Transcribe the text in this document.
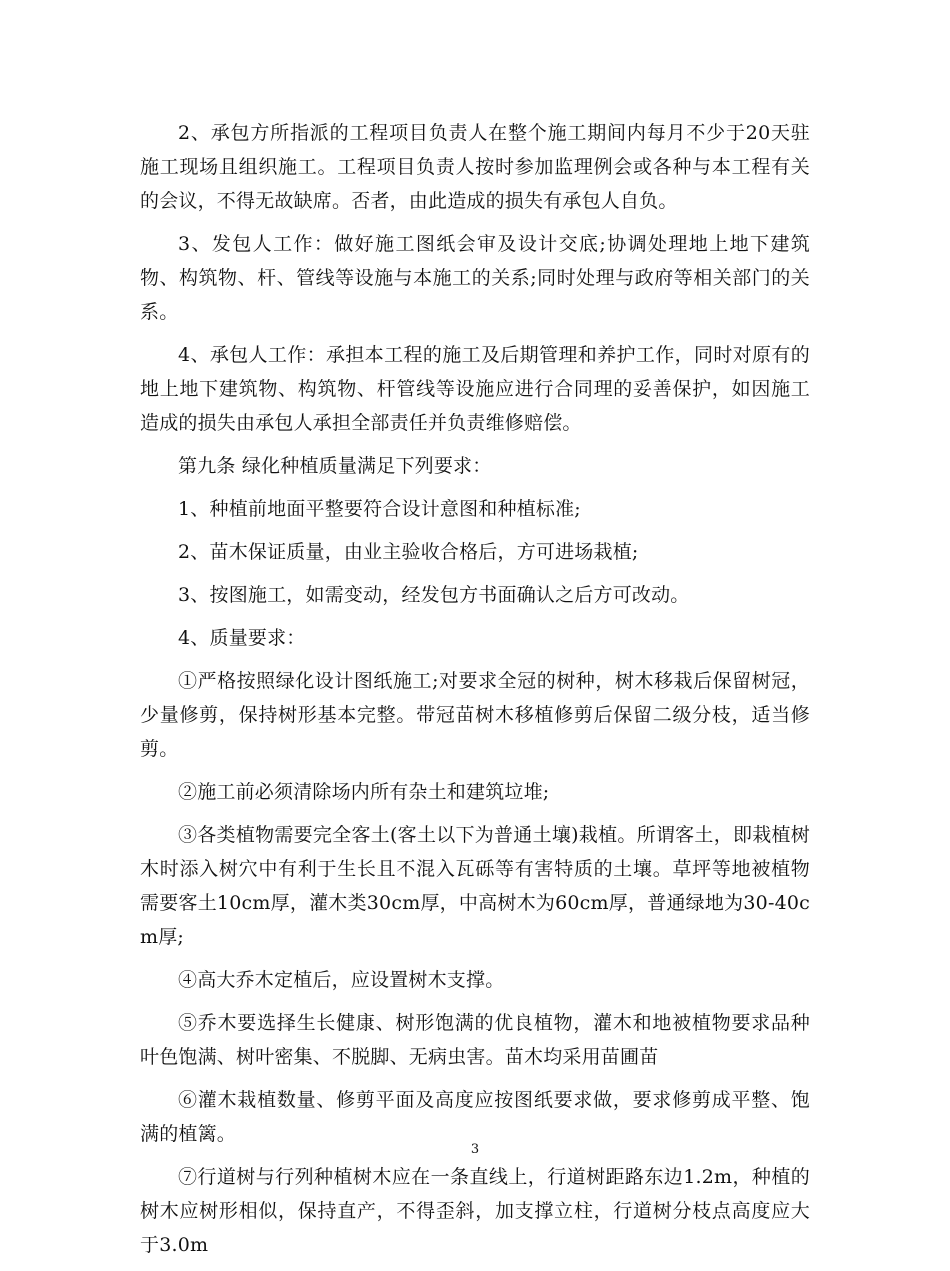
2、承包方所指派的工程项目负责人在整个施工期间内每月不少于20天驻施工现场且组织施工。工程项目负责人按时参加监理例会或各种与本工程有关的会议，不得无故缺席。否者，由此造成的损失有承包人自负。

3、发包人工作：做好施工图纸会审及设计交底;协调处理地上地下建筑物、构筑物、杆、管线等设施与本施工的关系;同时处理与政府等相关部门的关系。

4、承包人工作：承担本工程的施工及后期管理和养护工作，同时对原有的地上地下建筑物、构筑物、杆管线等设施应进行合同理的妥善保护，如因施工造成的损失由承包人承担全部责任并负责维修赔偿。

第九条 绿化种植质量满足下列要求：

1、种植前地面平整要符合设计意图和种植标准;

2、苗木保证质量，由业主验收合格后，方可进场栽植;

3、按图施工，如需变动，经发包方书面确认之后方可改动。

4、质量要求：

①严格按照绿化设计图纸施工;对要求全冠的树种，树木移栽后保留树冠，少量修剪，保持树形基本完整。带冠苗树木移植修剪后保留二级分枝，适当修剪。

②施工前必须清除场内所有杂土和建筑垃堆;

③各类植物需要完全客土(客土以下为普通土壤)栽植。所谓客土，即栽植树木时添入树穴中有利于生长且不混入瓦砾等有害特质的土壤。草坪等地被植物需要客土10cm厚，灌木类30cm厚，中高树木为60cm厚，普通绿地为30-40cm厚;

④高大乔木定植后，应设置树木支撑。

⑤乔木要选择生长健康、树形饱满的优良植物，灌木和地被植物要求品种叶色饱满、树叶密集、不脱脚、无病虫害。苗木均采用苗圃苗

⑥灌木栽植数量、修剪平面及高度应按图纸要求做，要求修剪成平整、饱满的植篱。

⑦行道树与行列种植树木应在一条直线上，行道树距路东边1.2m，种植的树木应树形相似，保持直产，不得歪斜，加支撑立柱，行道树分枝点高度应大于3.0m

3
